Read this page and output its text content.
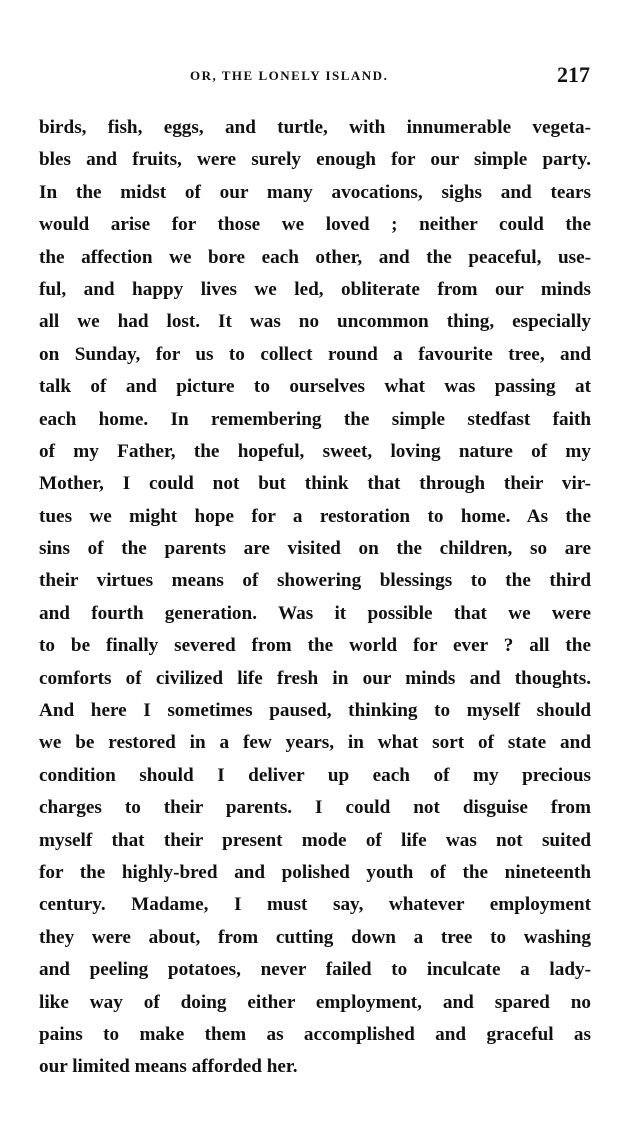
OR, THE LONELY ISLAND.	217
birds, fish, eggs, and turtle, with innumerable vegeta-
bles and fruits, were surely enough for our simple party.
In the midst of our many avocations, sighs and tears
would arise for those we loved ; neither could the
the affection we bore each other, and the peaceful, use-
ful, and happy lives we led, obliterate from our minds
all we had lost. It was no uncommon thing, especially
on Sunday, for us to collect round a favourite tree, and
talk of and picture to ourselves what was passing at
each home. In remembering the simple stedfast faith
of my Father, the hopeful, sweet, loving nature of my
Mother, I could not but think that through their vir-
tues we might hope for a restoration to home. As the
sins of the parents are visited on the children, so are
their virtues means of showering blessings to the third
and fourth generation. Was it possible that we were
to be finally severed from the world for ever ? all the
comforts of civilized life fresh in our minds and thoughts.
And here I sometimes paused, thinking to myself should
we be restored in a few years, in what sort of state and
condition should I deliver up each of my precious
charges to their parents. I could not disguise from
myself that their present mode of life was not suited
for the highly-bred and polished youth of the nineteenth
century. Madame, I must say, whatever employment
they were about, from cutting down a tree to washing
and peeling potatoes, never failed to inculcate a lady-
like way of doing either employment, and spared no
pains to make them as accomplished and graceful as
our limited means afforded her.
